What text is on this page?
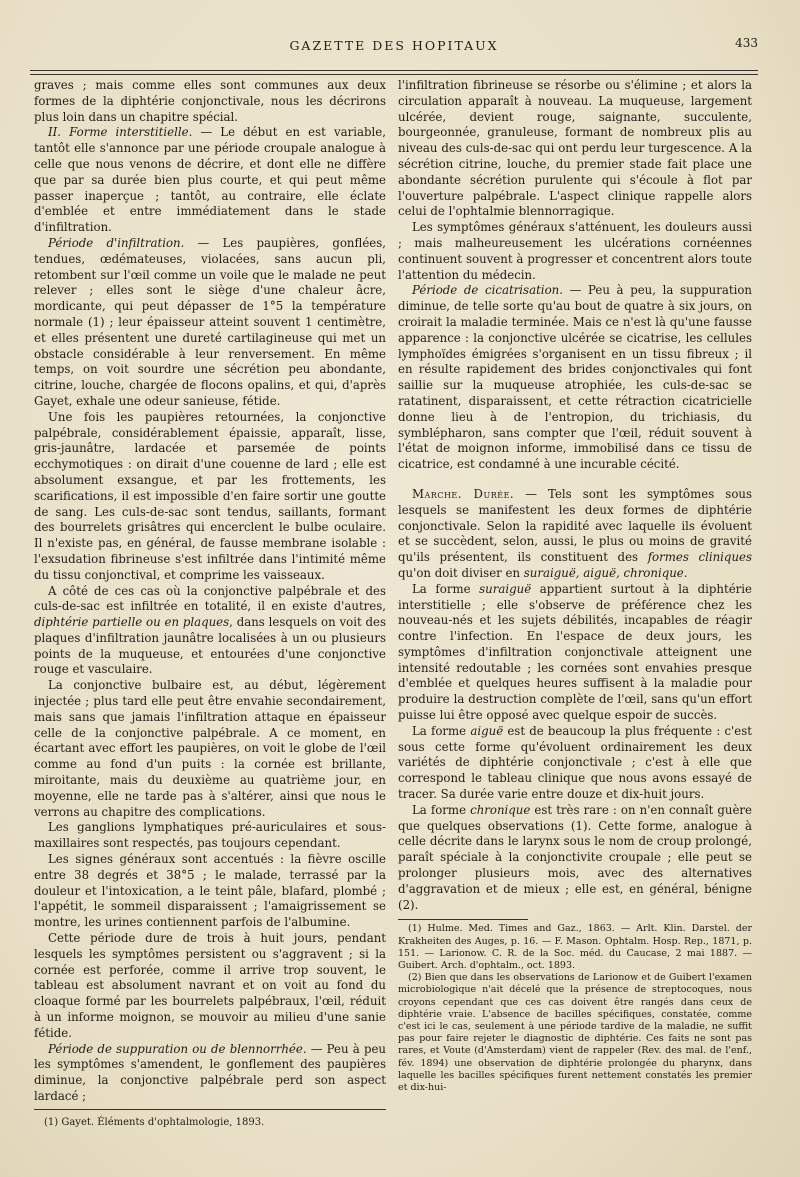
GAZETTE DES HOPITAUX	433

graves ; mais comme elles sont communes aux deux formes de la diphtérie conjonctivale, nous les décrirons plus loin dans un chapitre spécial.

II. Forme interstitielle. — Le début en est variable, tantôt elle s'annonce par une période croupale analogue à celle que nous venons de décrire, et dont elle ne diffère que par sa durée bien plus courte, et qui peut même passer inaperçue ; tantôt, au contraire, elle éclate d'emblée et entre immédiatement dans le stade d'infiltration.

Période d'infiltration. — Les paupières, gonflées, tendues, œdémateuses, violacées, sans aucun pli, retombent sur l'œil comme un voile que le malade ne peut relever ; elles sont le siège d'une chaleur âcre, mordicante, qui peut dépasser de 1°5 la température normale (1) ; leur épaisseur atteint souvent 1 centimètre, et elles présentent une dureté cartilagineuse qui met un obstacle considérable à leur renversement. En même temps, on voit sourdre une sécrétion peu abondante, citrine, louche, chargée de flocons opalins, et qui, d'après Gayet, exhale une odeur sanieuse, fétide.

Une fois les paupières retournées, la conjonctive palpébrale, considérablement épaissie, apparaît, lisse, gris-jaunâtre, lardacée et parsemée de points ecchymotiques : on dirait d'une couenne de lard ; elle est absolument exsangue, et par les frottements, les scarifications, il est impossible d'en faire sortir une goutte de sang. Les culs-de-sac sont tendus, saillants, formant des bourrelets grisâtres qui encerclent le bulbe oculaire. Il n'existe pas, en général, de fausse membrane isolable : l'exsudation fibrineuse s'est infiltrée dans l'intimité même du tissu conjonctival, et comprime les vaisseaux.

A côté de ces cas où la conjonctive palpébrale et des culs-de-sac est infiltrée en totalité, il en existe d'autres, diphtérie partielle ou en plaques, dans lesquels on voit des plaques d'infiltration jaunâtre localisées à un ou plusieurs points de la muqueuse, et entourées d'une conjonctive rouge et vasculaire.

La conjonctive bulbaire est, au début, légèrement injectée ; plus tard elle peut être envahie secondairement, mais sans que jamais l'infiltration attaque en épaisseur celle de la conjonctive palpébrale. A ce moment, en écartant avec effort les paupières, on voit le globe de l'œil comme au fond d'un puits : la cornée est brillante, miroitante, mais du deuxième au quatrième jour, en moyenne, elle ne tarde pas à s'altérer, ainsi que nous le verrons au chapitre des complications.

Les ganglions lymphatiques pré-auriculaires et sous-maxillaires sont respectés, pas toujours cependant.

Les signes généraux sont accentués : la fièvre oscille entre 38 degrés et 38°5 ; le malade, terrassé par la douleur et l'intoxication, a le teint pâle, blafard, plombé ; l'appétit, le sommeil disparaissent ; l'amaigrissement se montre, les urines contiennent parfois de l'albumine.

Cette période dure de trois à huit jours, pendant lesquels les symptômes persistent ou s'aggravent ; si la cornée est perforée, comme il arrive trop souvent, le tableau est absolument navrant et on voit au fond du cloaque formé par les bourrelets palpébraux, l'œil, réduit à un informe moignon, se mouvoir au milieu d'une sanie fétide.

Période de suppuration ou de blennorrhée. — Peu à peu les symptômes s'amendent, le gonflement des paupières diminue, la conjonctive palpébrale perd son aspect lardacé ;

(1) Gayet. Éléments d'ophtalmologie, 1893.

l'infiltration fibrineuse se résorbe ou s'élimine ; et alors la circulation apparaît à nouveau. La muqueuse, largement ulcérée, devient rouge, saignante, succulente, bourgeonnée, granuleuse, formant de nombreux plis au niveau des culs-de-sac qui ont perdu leur turgescence. A la sécrétion citrine, louche, du premier stade fait place une abondante sécrétion purulente qui s'écoule à flot par l'ouverture palpébrale. L'aspect clinique rappelle alors celui de l'ophtalmie blennorragique.

Les symptômes généraux s'atténuent, les douleurs aussi ; mais malheureusement les ulcérations cornéennes continuent souvent à progresser et concentrent alors toute l'attention du médecin.

Période de cicatrisation. — Peu à peu, la suppuration diminue, de telle sorte qu'au bout de quatre à six jours, on croirait la maladie terminée. Mais ce n'est là qu'une fausse apparence : la conjonctive ulcérée se cicatrise, les cellules lymphoïdes émigrées s'organisent en un tissu fibreux ; il en résulte rapidement des brides conjonctivales qui font saillie sur la muqueuse atrophiée, les culs-de-sac se ratatinent, disparaissent, et cette rétraction cicatricielle donne lieu à de l'entropion, du trichiasis, du symblépharon, sans compter que l'œil, réduit souvent à l'état de moignon informe, immobilisé dans ce tissu de cicatrice, est condamné à une incurable cécité.

Marche. Durée. — Tels sont les symptômes sous lesquels se manifestent les deux formes de diphtérie conjonctivale. Selon la rapidité avec laquelle ils évoluent et se succèdent, selon, aussi, le plus ou moins de gravité qu'ils présentent, ils constituent des formes cliniques qu'on doit diviser en suraiguë, aiguë, chronique.

La forme suraiguë appartient surtout à la diphtérie interstitielle ; elle s'observe de préférence chez les nouveau-nés et les sujets débilités, incapables de réagir contre l'infection. En l'espace de deux jours, les symptômes d'infiltration conjonctivale atteignent une intensité redoutable ; les cornées sont envahies presque d'emblée et quelques heures suffisent à la maladie pour produire la destruction complète de l'œil, sans qu'un effort puisse lui être opposé avec quelque espoir de succès.

La forme aiguë est de beaucoup la plus fréquente : c'est sous cette forme qu'évoluent ordinairement les deux variétés de diphtérie conjonctivale ; c'est à elle que correspond le tableau clinique que nous avons essayé de tracer. Sa durée varie entre douze et dix-huit jours.

La forme chronique est très rare : on n'en connaît guère que quelques observations (1). Cette forme, analogue à celle décrite dans le larynx sous le nom de croup prolongé, paraît spéciale à la conjonctivite croupale ; elle peut se prolonger plusieurs mois, avec des alternatives d'aggravation et de mieux ; elle est, en général, bénigne (2).

(1) Hulme. Med. Times and Gaz., 1863. — Arlt. Klin. Darstel. der Krakheiten des Auges, p. 16. — F. Mason. Ophtalm. Hosp. Rep., 1871, p. 151. — Larionow. C. R. de la Soc. méd. du Caucase, 2 mai 1887. — Guibert. Arch. d'ophtalm., oct. 1893.

(2) Bien que dans les observations de Larionow et de Guibert l'examen microbiologique n'ait décelé que la présence de streptocoques, nous croyons cependant que ces cas doivent être rangés dans ceux de diphtérie vraie. L'absence de bacilles spécifiques, constatée, comme c'est ici le cas, seulement à une période tardive de la maladie, ne suffit pas pour faire rejeter le diagnostic de diphtérie. Ces faits ne sont pas rares, et Voute (d'Amsterdam) vient de rappeler (Rev. des mal. de l'enf., fév. 1894) une observation de diphtérie prolongée du pharynx, dans laquelle les bacilles spécifiques furent nettement constatés les premier et dix-hui-
